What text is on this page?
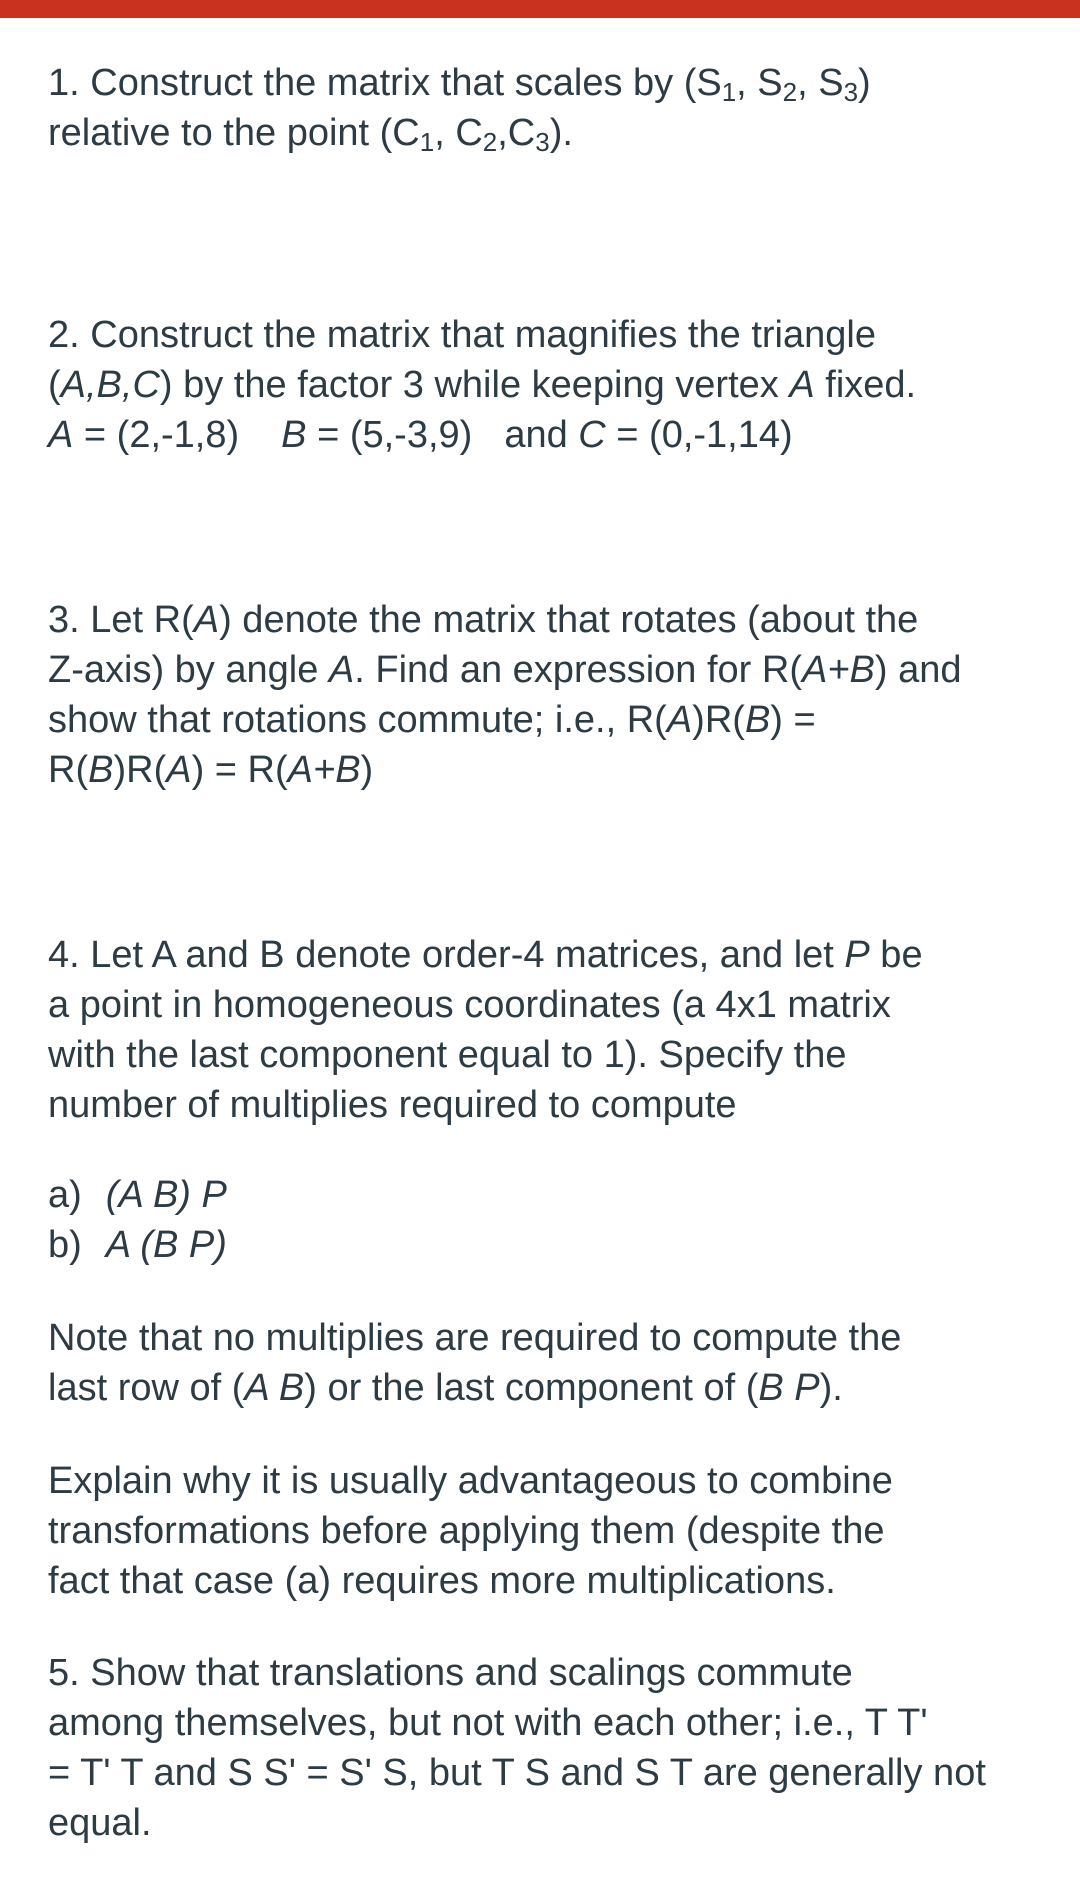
1. Construct the matrix that scales by ($S_1$, $S_2$, $S_3$)

relative to the point ($C_1$, $C_2,C_3$).

2. Construct the matrix that magnifies the triangle

(A,B,C) by the factor 3 while keeping vertex A fixed.

A = (2,-1,8) B = (5,-3,9) and C = (0,-1,14)

3. Let R(A) denote the matrix that rotates (about the

Z-axis) by angle A. Find an expression for R(A+B) and

show that rotations commute; i.e., R(A)R(B) =

R(B)R(A) = R(A+B)

4. Let A and B denote order-4 matrices, and let P be

a point in homogeneous coordinates (a 4x1 matrix

with the last component equal to 1). Specify the

number of multiplies required to compute

a) (A B) P

b) A (B P)

Note that no multiplies are required to compute the

last row of (A B) or the last component of (B P).

Explain why it is usually advantageous to combine

transformations before applying them (despite the

fact that case (a) requires more multiplications.

5. Show that translations and scalings commute

among themselves, but not with each other; i.e., T T'

= T' T and S S' = S' S, but T S and S T are generally not

equal.
